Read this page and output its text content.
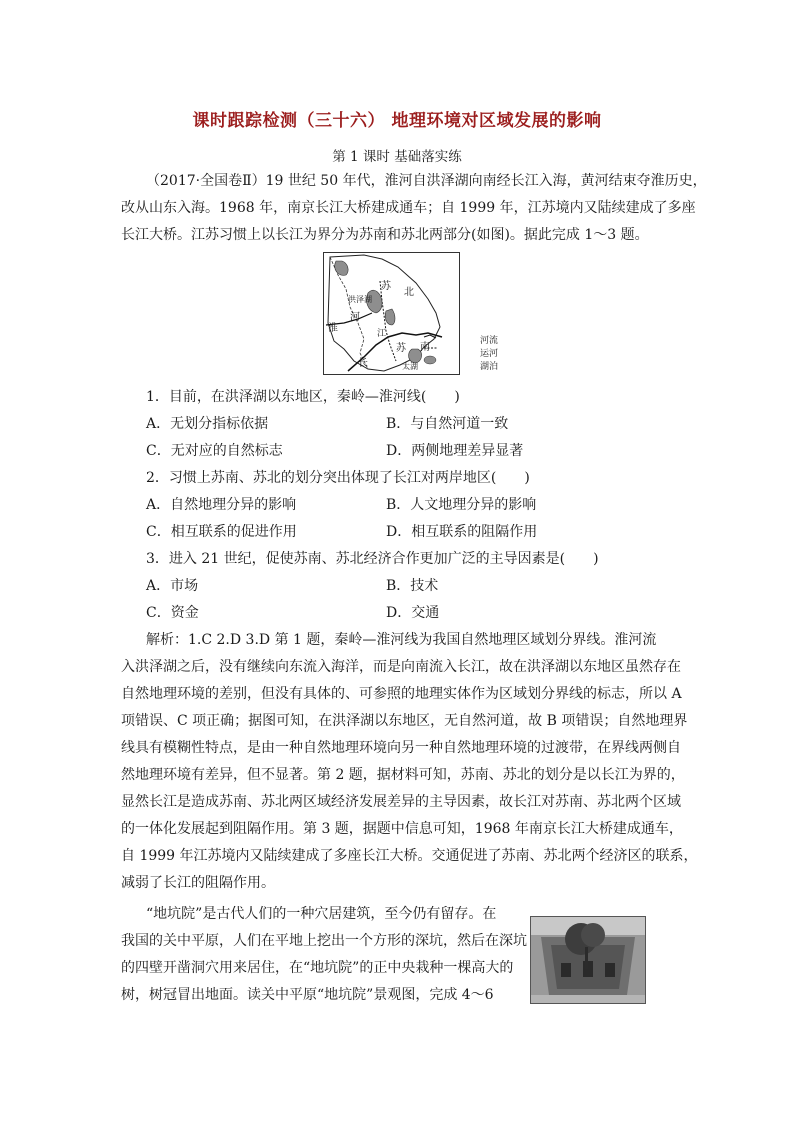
课时跟踪检测（三十六） 地理环境对区域发展的影响
第 1 课时 基础落实练
（2017·全国卷Ⅱ）19 世纪 50 年代，淮河自洪泽湖向南经长江入海，黄河结束夺淮历史，
改从山东入海。1968 年，南京长江大桥建成通车；自 1999 年，江苏境内又陆续建成了多座
长江大桥。江苏习惯上以长江为界分为苏南和苏北两部分(如图)。据此完成 1～3 题。
苏
北
洪泽湖
淮
河
长
江
苏 南
太湖
河流
运河
湖泊
1．目前，在洪泽湖以东地区，秦岭—淮河线(　　)
A．无划分指标依据	B．与自然河道一致
C．无对应的自然标志	D．两侧地理差异显著
2．习惯上苏南、苏北的划分突出体现了长江对两岸地区(　　)
A．自然地理分异的影响	B．人文地理分异的影响
C．相互联系的促进作用	D．相互联系的阻隔作用
3．进入 21 世纪，促使苏南、苏北经济合作更加广泛的主导因素是(　　)
A．市场	B．技术
C．资金	D．交通
解析：1.C 2.D 3.D 第 1 题，秦岭—淮河线为我国自然地理区域划分界线。淮河流
入洪泽湖之后，没有继续向东流入海洋，而是向南流入长江，故在洪泽湖以东地区虽然存在
自然地理环境的差别，但没有具体的、可参照的地理实体作为区域划分界线的标志，所以 A
项错误、C 项正确；据图可知，在洪泽湖以东地区，无自然河道，故 B 项错误；自然地理界
线具有模糊性特点，是由一种自然地理环境向另一种自然地理环境的过渡带，在界线两侧自
然地理环境有差异，但不显著。第 2 题，据材料可知，苏南、苏北的划分是以长江为界的，
显然长江是造成苏南、苏北两区域经济发展差异的主导因素，故长江对苏南、苏北两个区域
的一体化发展起到阻隔作用。第 3 题，据题中信息可知，1968 年南京长江大桥建成通车，
自 1999 年江苏境内又陆续建成了多座长江大桥。交通促进了苏南、苏北两个经济区的联系，
减弱了长江的阻隔作用。
“地坑院”是古代人们的一种穴居建筑，至今仍有留存。在
我国的关中平原，人们在平地上挖出一个方形的深坑，然后在深坑
的四壁开凿洞穴用来居住，在“地坑院”的正中央栽种一棵高大的
树，树冠冒出地面。读关中平原“地坑院”景观图，完成 4～6
